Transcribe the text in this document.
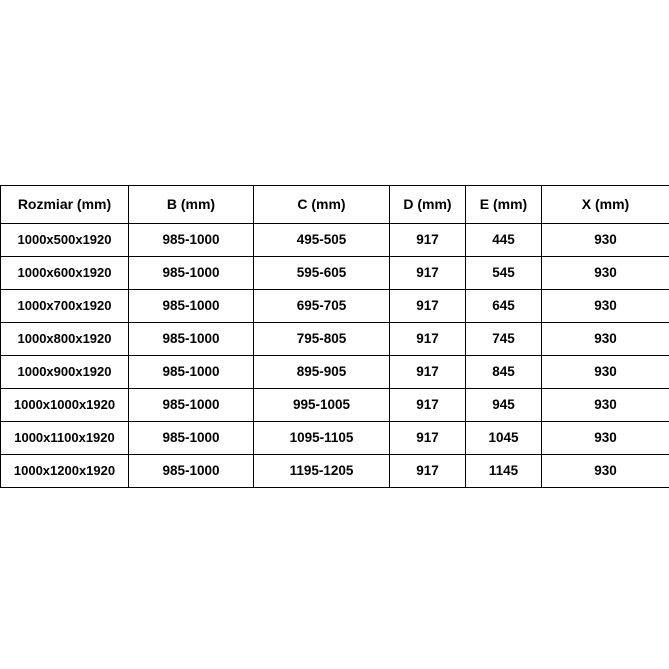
Rozmiar (mm)	B (mm)	C (mm)	D (mm)	E (mm)	X (mm)
1000x500x1920	985-1000	495-505	917	445	930
1000x600x1920	985-1000	595-605	917	545	930
1000x700x1920	985-1000	695-705	917	645	930
1000x800x1920	985-1000	795-805	917	745	930
1000x900x1920	985-1000	895-905	917	845	930
1000x1000x1920	985-1000	995-1005	917	945	930
1000x1100x1920	985-1000	1095-1105	917	1045	930
1000x1200x1920	985-1000	1195-1205	917	1145	930
